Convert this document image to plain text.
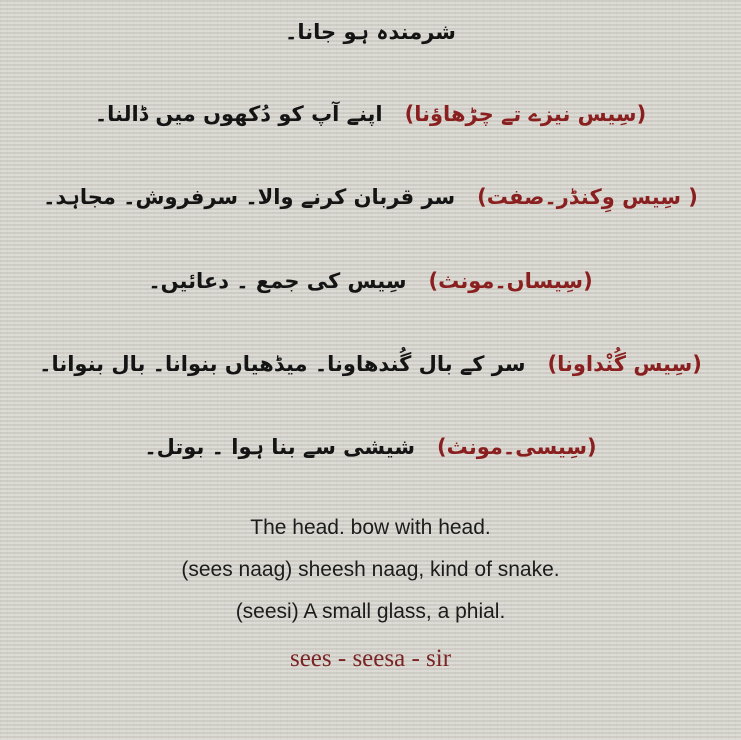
شرمندہ ہو جانا۔
(سِیس نیزے تے چڑھاؤنا)اپنے آپ کو دُکھوں میں ڈالنا۔
( سِیس وِکنڈر۔صفت)سر قربان کرنے والا۔ سرفروش۔ مجاہد۔
(سِیساں۔مونث)سِیس کی جمع ۔ دعائیں۔
(سِیس گُنْداونا)سر کے بال گُندھاونا۔ میڈھیاں بنوانا۔ بال بنوانا۔
(سِیسی۔مونث)شیشی سے بنا ہوا ۔ بوتل۔
The head. bow with head.
(sees naag) sheesh naag, kind of snake.
(seesi) A small glass, a phial.
sees - seesa - sir
